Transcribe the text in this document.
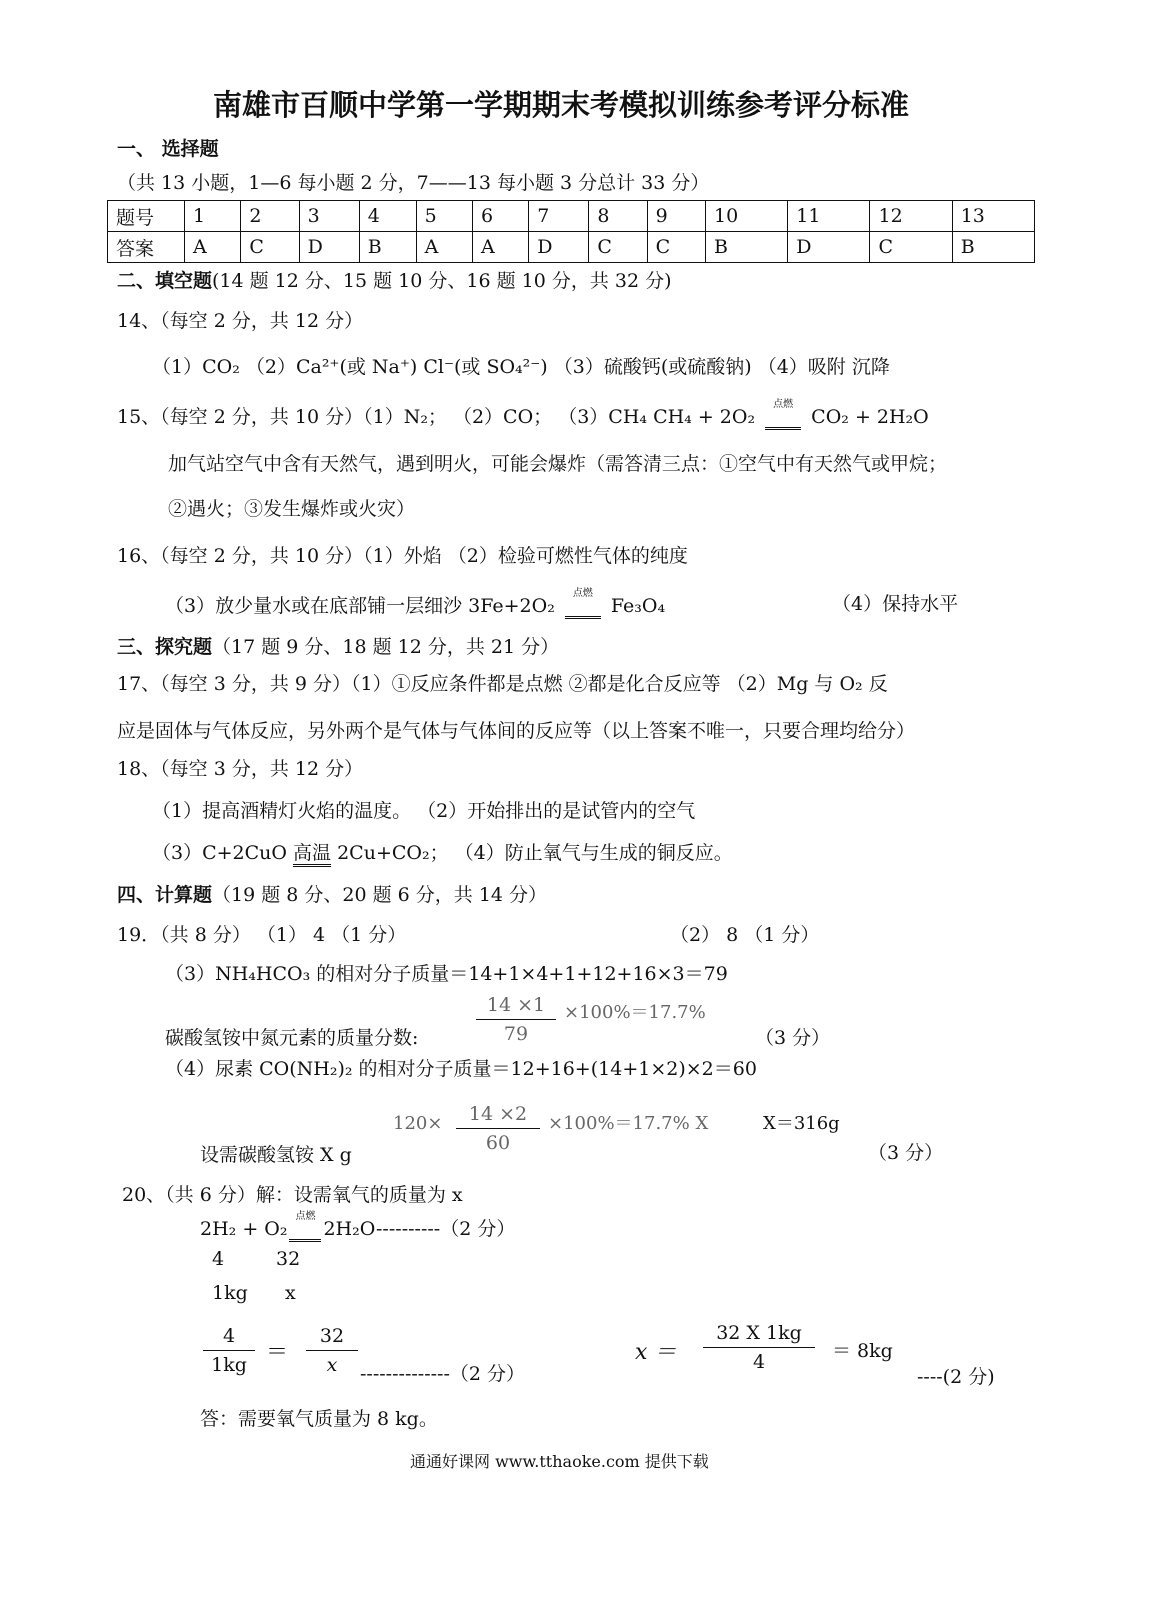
南雄市百顺中学第一学期期末考模拟训练参考评分标准
一、 选择题
（共 13 小题，1—6 每小题 2 分，7——13 每小题 3 分总计 33 分）
题号	1	2	3	4	5	6	7	8	9	10	11	12	13
答案	A	C	D	B	A	A	D	C	C	B	D	C	B
二、填空题(14 题 12 分、15 题 10 分、16 题 10 分，共 32 分)
14、（每空 2 分，共 12 分）
（1）CO₂ （2）Ca²⁺(或 Na⁺) Cl⁻(或 SO₄²⁻) （3）硫酸钙(或硫酸钠) （4）吸附 沉降
15、（每空 2 分，共 10 分）（1）N₂； （2）CO； （3）CH₄ CH₄ + 2O₂ $^{点燃}$ CO₂ + 2H₂O
加气站空气中含有天然气，遇到明火，可能会爆炸（需答清三点：①空气中有天然气或甲烷；
②遇火；③发生爆炸或火灾）
16、（每空 2 分，共 10 分）（1）外焰 （2）检验可燃性气体的纯度
（3）放少量水或在底部铺一层细沙 3Fe+2O₂ $^{点燃}$ Fe₃O₄	（4）保持水平
三、探究题（17 题 9 分、18 题 12 分，共 21 分）
17、（每空 3 分，共 9 分）（1）①反应条件都是点燃 ②都是化合反应等 （2）Mg 与 O₂ 反
应是固体与气体反应，另外两个是气体与气体间的反应等（以上答案不唯一，只要合理均给分）
18、（每空 3 分，共 12 分）
（1）提高酒精灯火焰的温度。 （2）开始排出的是试管内的空气
（3）C+2CuO 高温 2Cu+CO₂； （4）防止氧气与生成的铜反应。
四、计算题（19 题 8 分、20 题 6 分，共 14 分）
19．（共 8 分） （1） 4 （1 分）	（2） 8 （1 分）
（3）NH₄HCO₃ 的相对分子质量＝14+1×4+1+12+16×3＝79
14 ×1
79
×100%＝17.7%
碳酸氢铵中氮元素的质量分数:	（3 分）
（4）尿素 CO(NH₂)₂ 的相对分子质量＝12+16+(14+1×2)×2＝60
120×	14 ×2
60
×100%＝17.7% X	X＝316g
设需碳酸氢铵 X g	（3 分）
20、（共 6 分）解：设需氧气的质量为 x
2H₂ + O₂$^{点燃}$2H₂O----------（2 分）
4	32
1kg x
4
1kg ＝
32
x	--------------（2 分）
x ＝
32 X 1kg
4	＝ 8kg
----(2 分)
答：需要氧气质量为 8 kg。
通通好课网 www.tthaoke.com 提供下载
